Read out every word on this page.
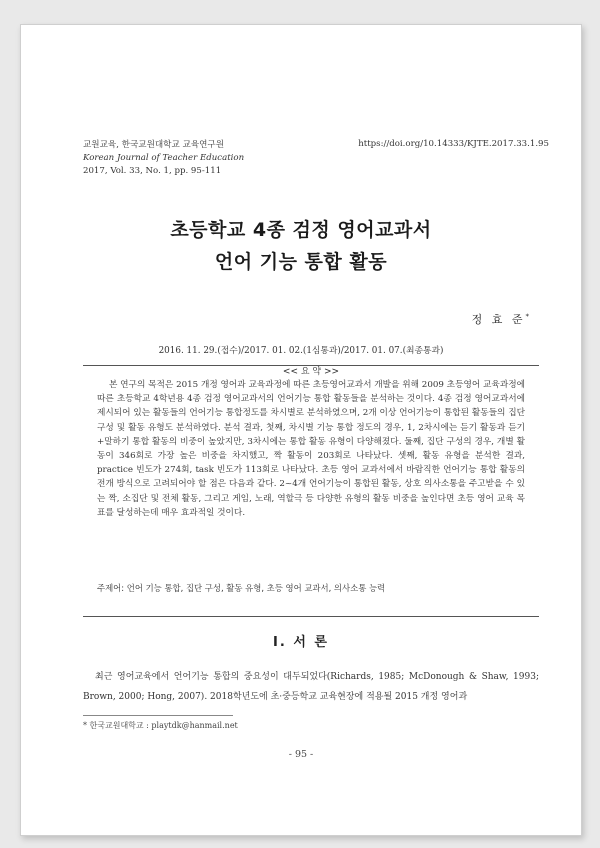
교원교육, 한국교원대학교 교육연구원
Korean Journal of Teacher Education
2017, Vol. 33, No. 1, pp. 95-111
https://doi.org/10.14333/KJTE.2017.33.1.95
초등학교 4종 검정 영어교과서
언어 기능 통합 활동
정 효 준*
2016. 11. 29.(접수)/2017. 01. 02.(1심통과)/2017. 01. 07.(최종통과)
<< 요 약 >>

본 연구의 목적은 2015 개정 영어과 교육과정에 따른 초등영어교과서 개발을 위해 2009 초등영어 교육과정에 따른 초등학교 4학년용 4종 검정 영어교과서의 언어기능 통합 활동들을 분석하는 것이다. 4종 검정 영어교과서에 제시되어 있는 활동들의 언어기능 통합정도를 차시별로 분석하였으며, 2개 이상 언어기능이 통합된 활동들의 집단 구성 및 활동 유형도 분석하였다. 분석 결과, 첫째, 차시별 기능 통합 정도의 경우, 1, 2차시에는 듣기 활동과 듣기+말하기 통합 활동의 비중이 높았지만, 3차시에는 통합 활동 유형이 다양해졌다. 둘째, 집단 구성의 경우, 개별 활동이 346회로 가장 높은 비중을 차지했고, 짝 활동이 203회로 나타났다. 셋째, 활동 유형을 분석한 결과, practice 빈도가 274회, task 빈도가 113회로 나타났다. 초등 영어 교과서에서 바람직한 언어기능 통합 활동의 전개 방식으로 고려되어야 할 점은 다음과 같다. 2~4개 언어기능이 통합된 활동, 상호 의사소통을 주고받을 수 있는 짝, 소집단 및 전체 활동, 그리고 게임, 노래, 역할극 등 다양한 유형의 활동 비중을 높인다면 초등 영어 교육 목표를 달성하는데 매우 효과적일 것이다.

주제어: 언어 기능 통합, 집단 구성, 활동 유형, 초등 영어 교과서, 의사소통 능력
Ⅰ. 서 론

최근 영어교육에서 언어기능 통합의 중요성이 대두되었다(Richards, 1985; McDonough & Shaw, 1993; Brown, 2000; Hong, 2007). 2018학년도에 초·중등학교 교육현장에 적용될 2015 개정 영어과

* 한국교원대학교 : playtdk@hanmail.net
- 95 -
